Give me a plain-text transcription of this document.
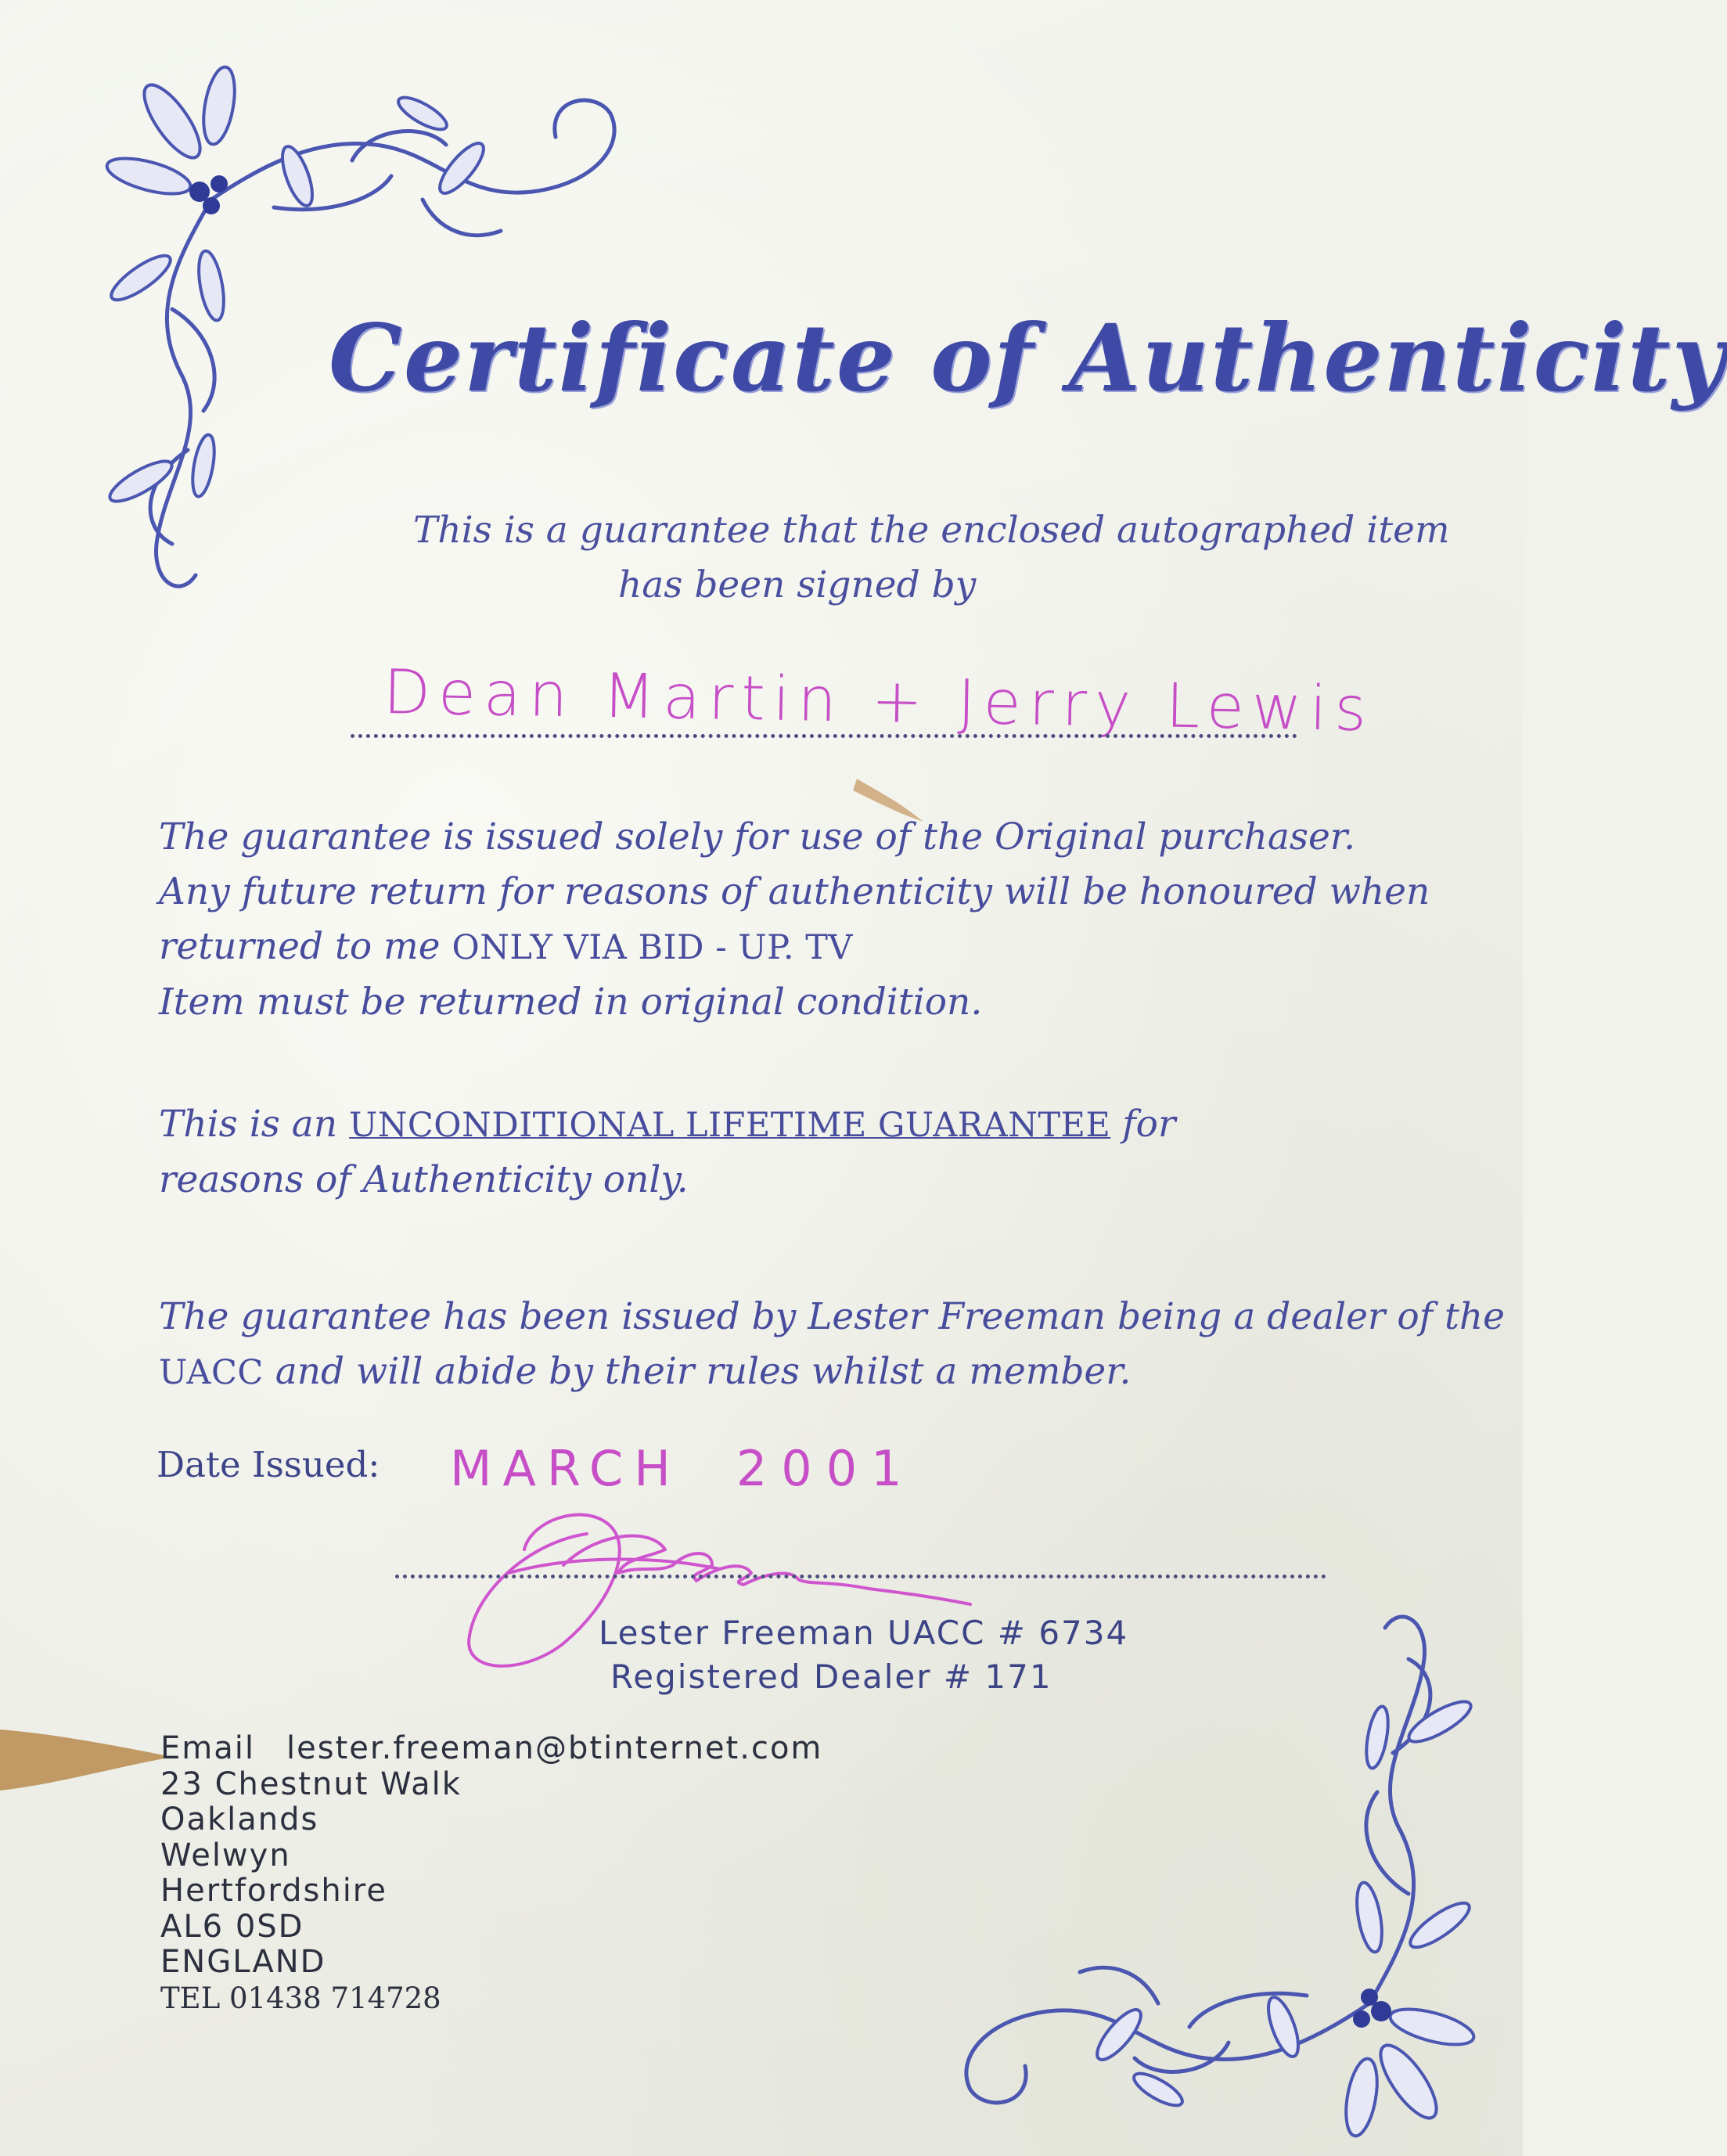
Certificate of Authenticity
This is a guarantee that the enclosed autographed item
has been signed by
Dean Martin + Jerry Lewis
The guarantee is issued solely for use of the Original purchaser.
Any future return for reasons of authenticity will be honoured when
returned to me ONLY VIA BID - UP. TV
Item must be returned in original condition.
This is an UNCONDITIONAL LIFETIME GUARANTEE for
reasons of Authenticity only.
The guarantee has been issued by Lester Freeman being a dealer of the
UACC and will abide by their rules whilst a member.
Date Issued: MARCH 2001
Lester Freeman UACC # 6734
Registered Dealer # 171
Email lester.freeman@btinternet.com
23 Chestnut Walk
Oaklands
Welwyn
Hertfordshire
AL6 0SD
ENGLAND
TEL 01438 714728
